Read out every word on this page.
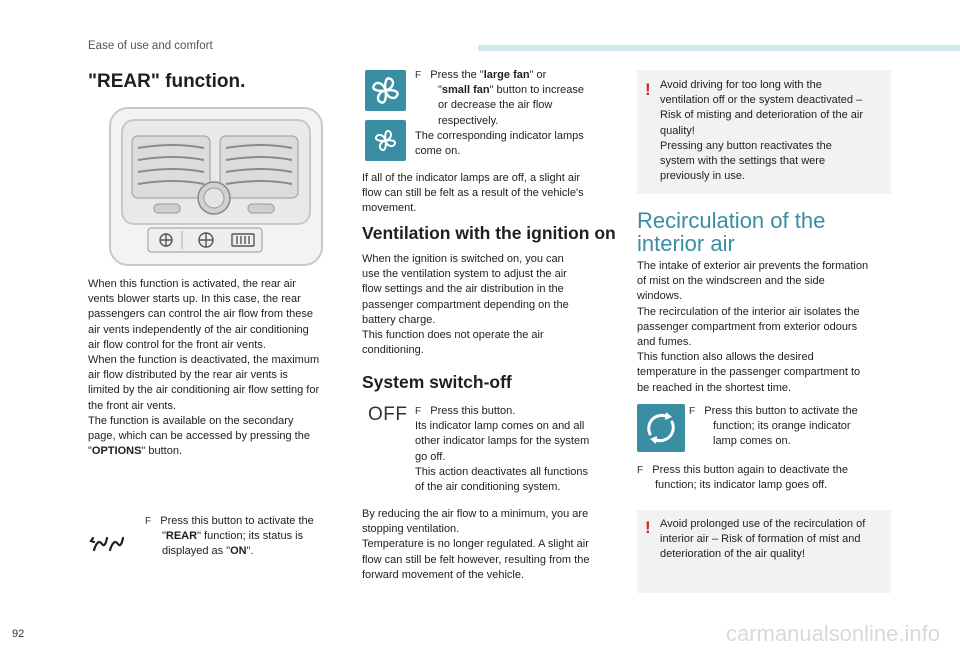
Ease of use and comfort
"REAR" function.
When this function is activated, the rear air
vents blower starts up. In this case, the rear
passengers can control the air flow from these
air vents independently of the air conditioning
air flow control for the front air vents.
When the function is deactivated, the maximum
air flow distributed by the rear air vents is
limited by the air conditioning air flow setting for
the front air vents.
The function is available on the secondary
page, which can be accessed by pressing the
"OPTIONS" button.
F Press this button to activate the
"REAR" function; its status is
displayed as "ON".
F Press the "large fan" or
"small fan" button to increase
or decrease the air flow
respectively.
The corresponding indicator lamps
come on.
If all of the indicator lamps are off, a slight air
flow can still be felt as a result of the vehicle's
movement.
Ventilation with the ignition on
When the ignition is switched on, you can
use the ventilation system to adjust the air
flow settings and the air distribution in the
passenger compartment depending on the
battery charge.
This function does not operate the air
conditioning.
System switch-off
OFF F Press this button.
Its indicator lamp comes on and all
other indicator lamps for the system
go off.
This action deactivates all functions
of the air conditioning system.
By reducing the air flow to a minimum, you are
stopping ventilation.
Temperature is no longer regulated. A slight air
flow can still be felt however, resulting from the
forward movement of the vehicle.
! Avoid driving for too long with the
ventilation off or the system deactivated –
Risk of misting and deterioration of the air
quality!
Pressing any button reactivates the
system with the settings that were
previously in use.
Recirculation of the
interior air
The intake of exterior air prevents the formation
of mist on the windscreen and the side
windows.
The recirculation of the interior air isolates the
passenger compartment from exterior odours
and fumes.
This function also allows the desired
temperature in the passenger compartment to
be reached in the shortest time.
F Press this button to activate the
function; its orange indicator
lamp comes on.
F Press this button again to deactivate the
function; its indicator lamp goes off.
! Avoid prolonged use of the recirculation of
interior air – Risk of formation of mist and
deterioration of the air quality!
92	carmanualsonline.info
